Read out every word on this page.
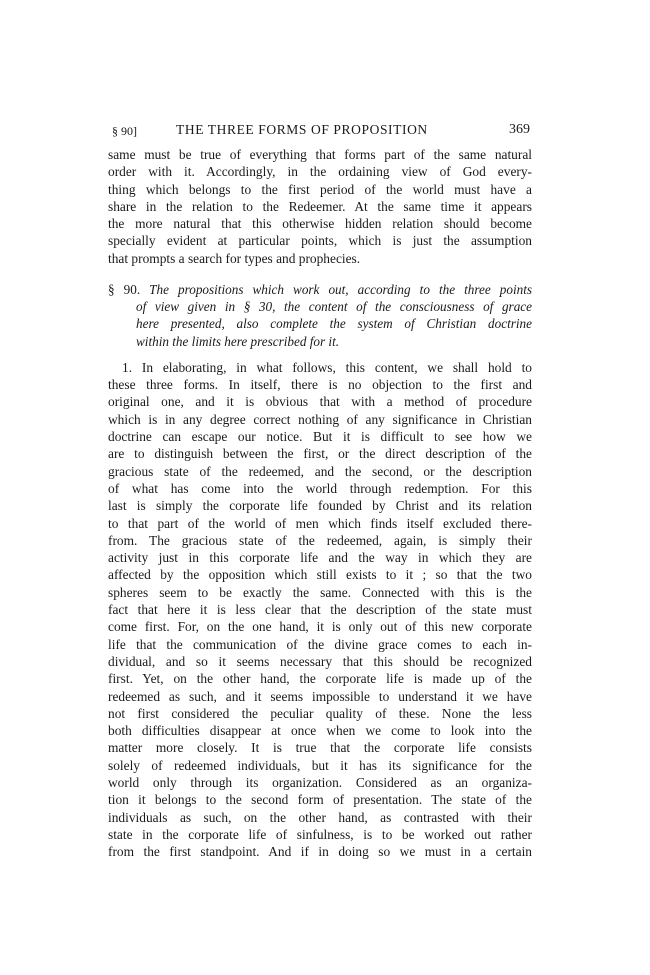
§ 90]	THE THREE FORMS OF PROPOSITION	369
same must be true of everything that forms part of the same natural
order with it. Accordingly, in the ordaining view of God every-
thing which belongs to the first period of the world must have a
share in the relation to the Redeemer. At the same time it appears
the more natural that this otherwise hidden relation should become
specially evident at particular points, which is just the assumption
that prompts a search for types and prophecies.
§ 90. The propositions which work out, according to the three points
of view given in § 30, the content of the consciousness of grace
here presented, also complete the system of Christian doctrine
within the limits here prescribed for it.
1. In elaborating, in what follows, this content, we shall hold to
these three forms. In itself, there is no objection to the first and
original one, and it is obvious that with a method of procedure
which is in any degree correct nothing of any significance in Christian
doctrine can escape our notice. But it is difficult to see how we
are to distinguish between the first, or the direct description of the
gracious state of the redeemed, and the second, or the description
of what has come into the world through redemption. For this
last is simply the corporate life founded by Christ and its relation
to that part of the world of men which finds itself excluded there-
from. The gracious state of the redeemed, again, is simply their
activity just in this corporate life and the way in which they are
affected by the opposition which still exists to it ; so that the two
spheres seem to be exactly the same. Connected with this is the
fact that here it is less clear that the description of the state must
come first. For, on the one hand, it is only out of this new corporate
life that the communication of the divine grace comes to each in-
dividual, and so it seems necessary that this should be recognized
first. Yet, on the other hand, the corporate life is made up of the
redeemed as such, and it seems impossible to understand it we have
not first considered the peculiar quality of these. None the less
both difficulties disappear at once when we come to look into the
matter more closely. It is true that the corporate life consists
solely of redeemed individuals, but it has its significance for the
world only through its organization. Considered as an organiza-
tion it belongs to the second form of presentation. The state of the
individuals as such, on the other hand, as contrasted with their
state in the corporate life of sinfulness, is to be worked out rather
from the first standpoint. And if in doing so we must in a certain
